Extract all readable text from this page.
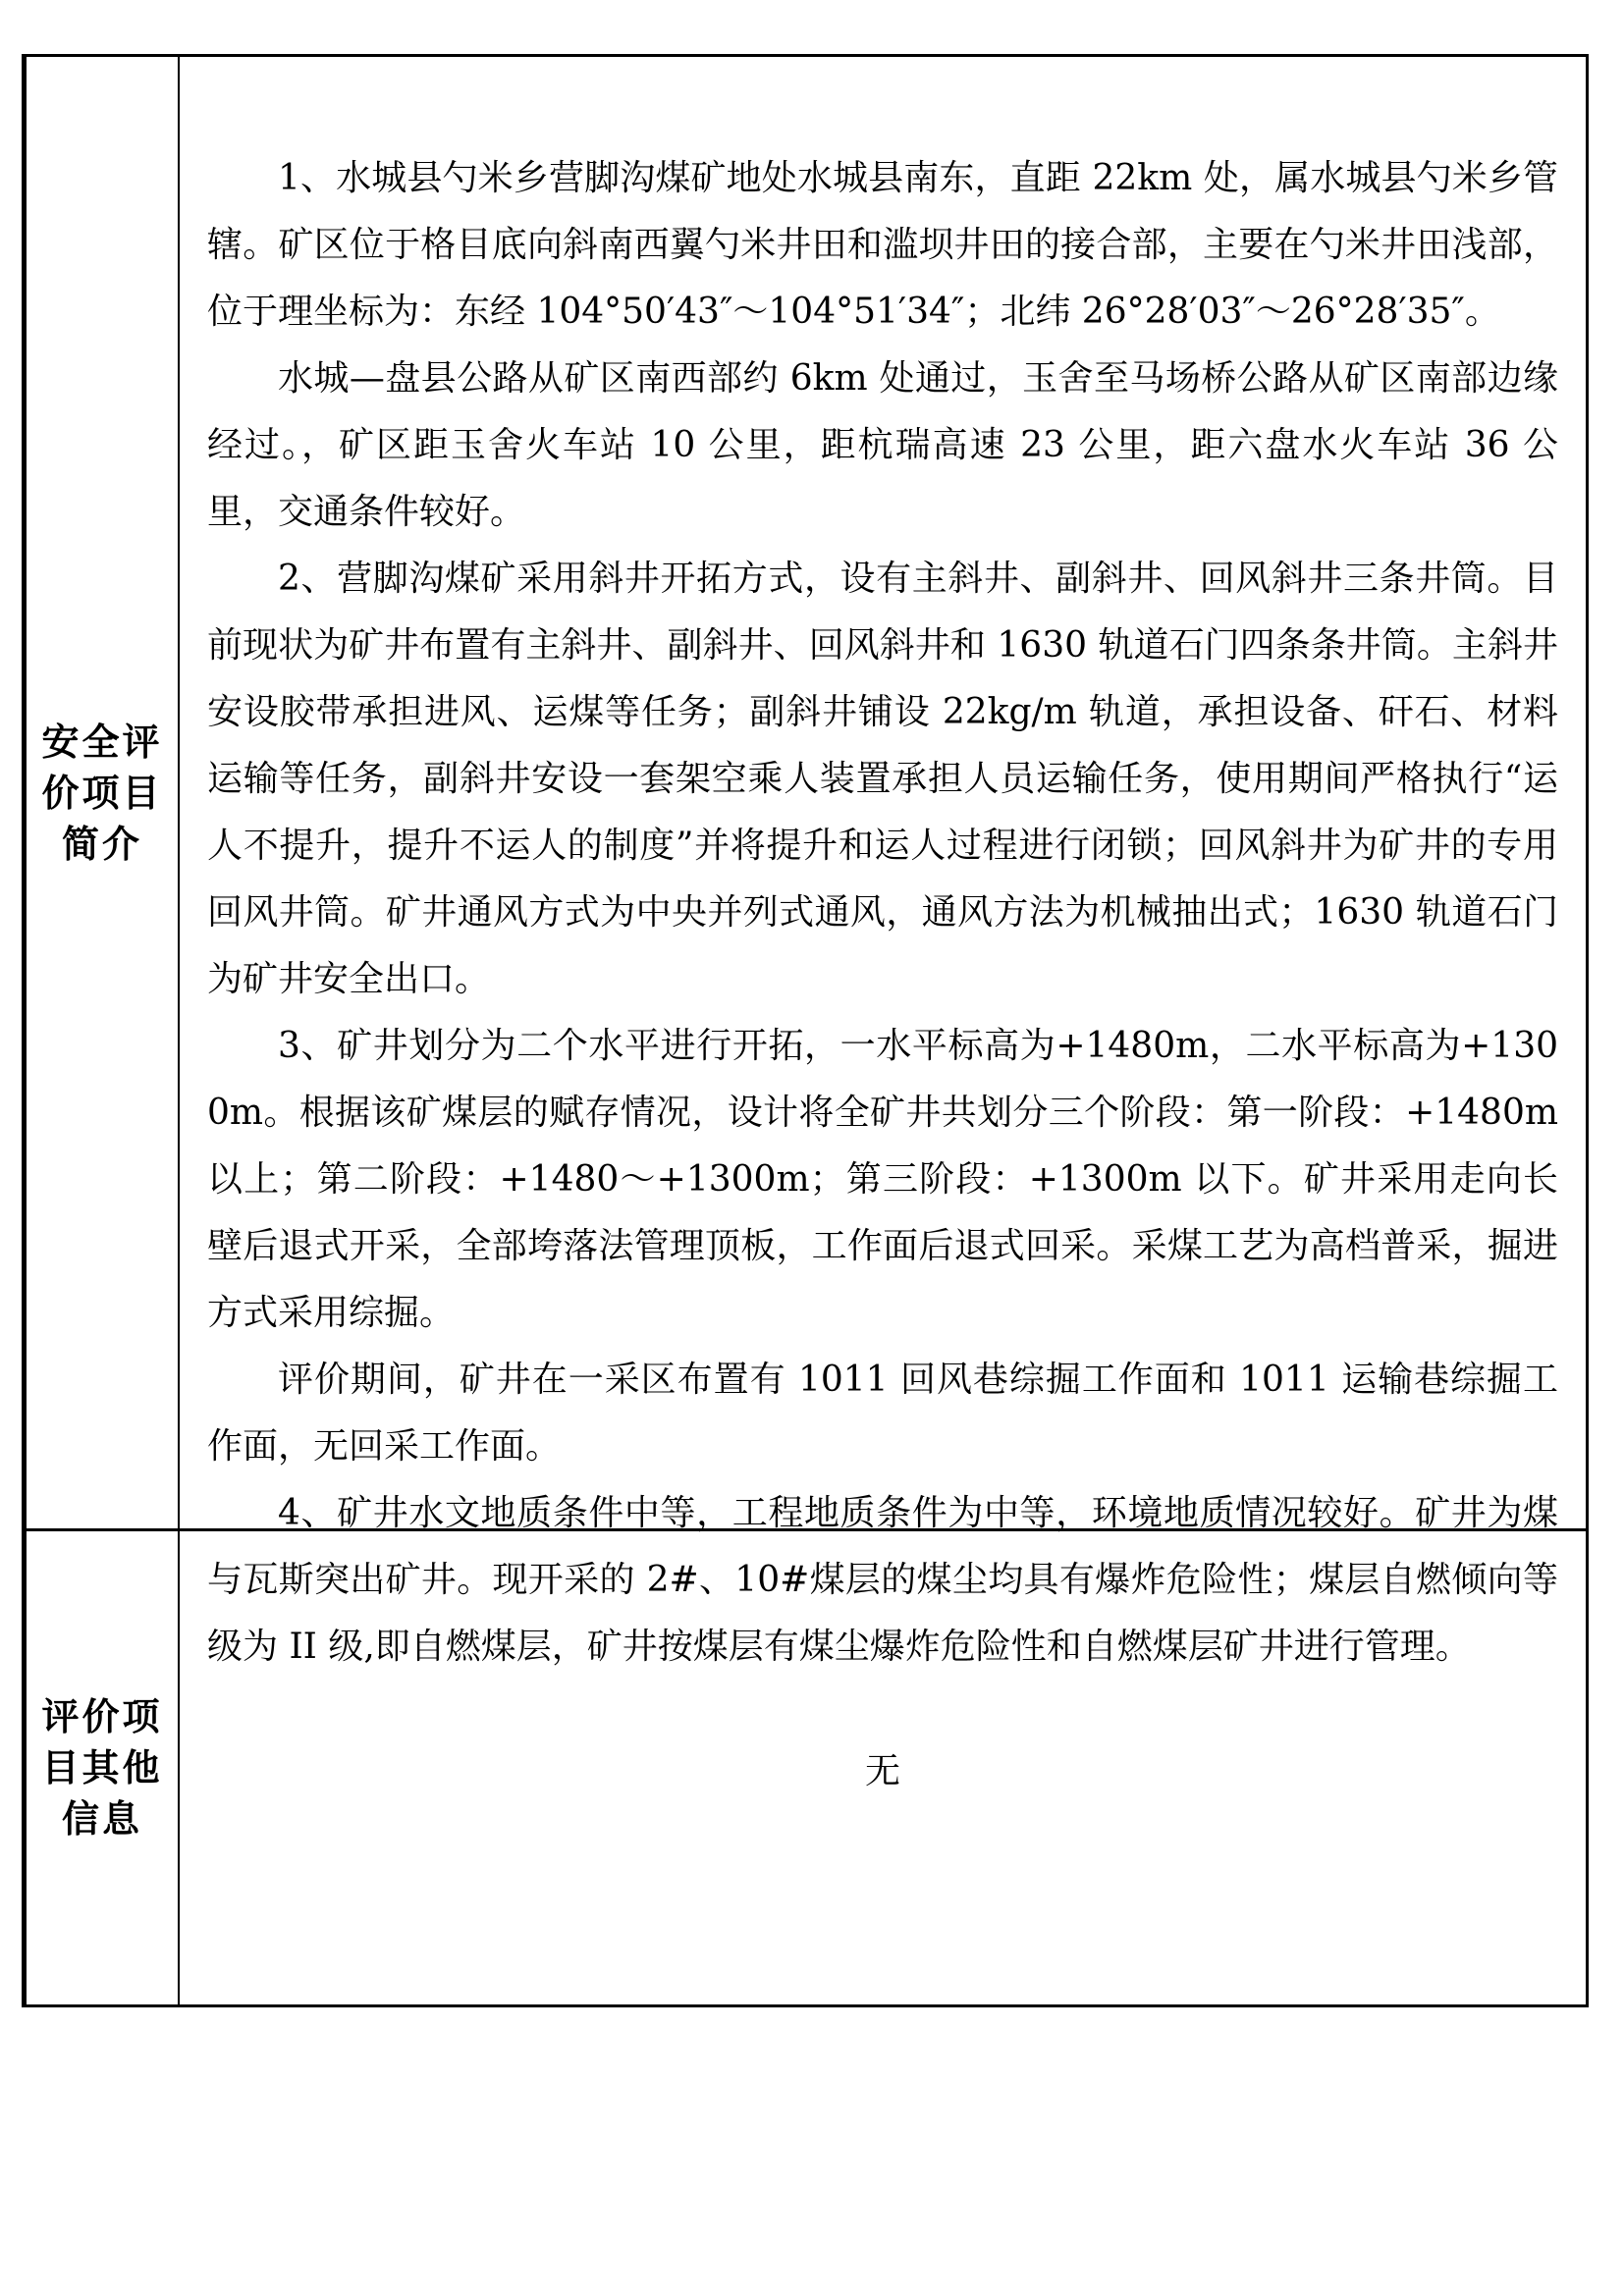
安全评价项目简介

1、水城县勺米乡营脚沟煤矿地处水城县南东，直距 22km 处，属水城县勺米乡管辖。矿区位于格目底向斜南西翼勺米井田和滥坝井田的接合部，主要在勺米井田浅部，位于理坐标为：东经 104°50′43″～104°51′34″；北纬 26°28′03″～26°28′35″。

水城—盘县公路从矿区南西部约 6km 处通过，玉舍至马场桥公路从矿区南部边缘经过。，矿区距玉舍火车站 10 公里，距杭瑞高速 23 公里，距六盘水火车站 36 公里，交通条件较好。

2、营脚沟煤矿采用斜井开拓方式，设有主斜井、副斜井、回风斜井三条井筒。目前现状为矿井布置有主斜井、副斜井、回风斜井和 1630 轨道石门四条条井筒。主斜井安设胶带承担进风、运煤等任务；副斜井铺设 22kg/m 轨道，承担设备、矸石、材料运输等任务，副斜井安设一套架空乘人装置承担人员运输任务，使用期间严格执行“运人不提升，提升不运人的制度”并将提升和运人过程进行闭锁；回风斜井为矿井的专用回风井筒。矿井通风方式为中央并列式通风，通风方法为机械抽出式；1630 轨道石门为矿井安全出口。

3、矿井划分为二个水平进行开拓，一水平标高为+1480m，二水平标高为+1300m。根据该矿煤层的赋存情况，设计将全矿井共划分三个阶段：第一阶段：+1480m 以上；第二阶段：+1480～+1300m；第三阶段：+1300m 以下。矿井采用走向长壁后退式开采，全部垮落法管理顶板，工作面后退式回采。采煤工艺为高档普采，掘进方式采用综掘。

评价期间，矿井在一采区布置有 1011 回风巷综掘工作面和 1011 运输巷综掘工作面，无回采工作面。

4、矿井水文地质条件中等，工程地质条件为中等，环境地质情况较好。矿井为煤与瓦斯突出矿井。现开采的 2#、10#煤层的煤尘均具有爆炸危险性；煤层自燃倾向等级为 II 级,即自燃煤层，矿井按煤层有煤尘爆炸危险性和自燃煤层矿井进行管理。

评价项目其他信息
无
